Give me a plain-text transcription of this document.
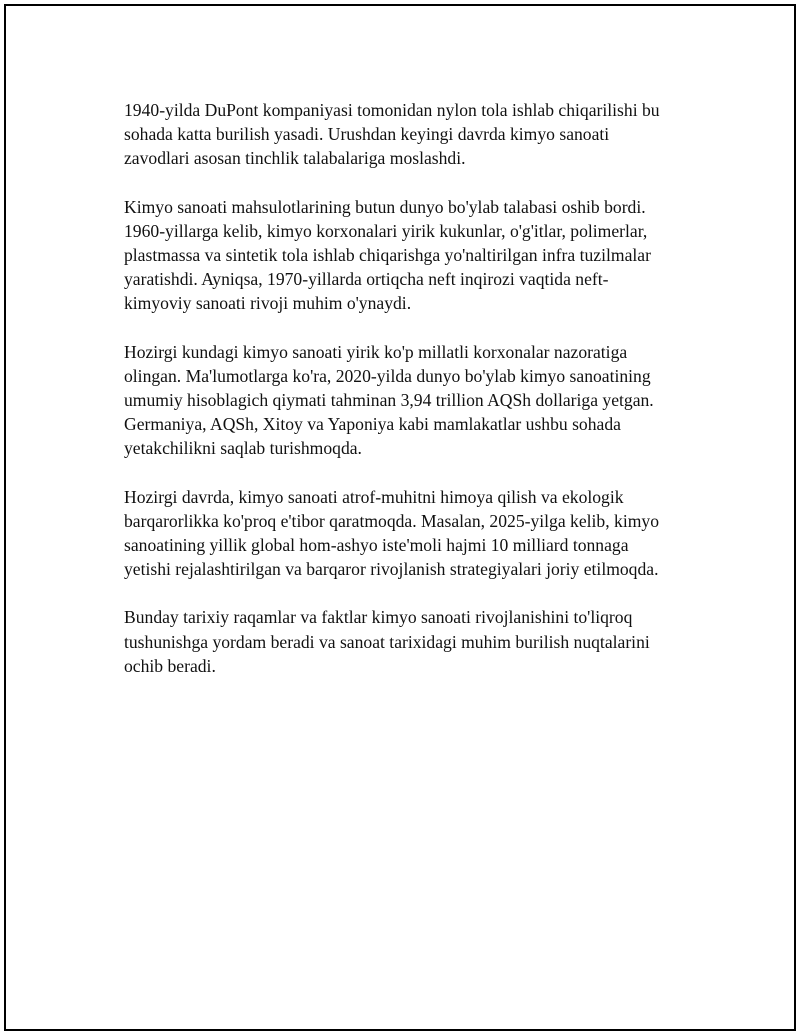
1940-yilda DuPont kompaniyasi tomonidan nylon tola ishlab chiqarilishi bu
sohada katta burilish yasadi. Urushdan keyingi davrda kimyo sanoati
zavodlari asosan tinchlik talabalariga moslashdi.

Kimyo sanoati mahsulotlarining butun dunyo bo'ylab talabasi oshib bordi.
1960-yillarga kelib, kimyo korxonalari yirik kukunlar, o'g'itlar, polimerlar,
plastmassa va sintetik tola ishlab chiqarishga yo'naltirilgan infra tuzilmalar
yaratishdi. Ayniqsa, 1970-yillarda ortiqcha neft inqirozi vaqtida neft-
kimyoviy sanoati rivoji muhim o'ynaydi.

Hozirgi kundagi kimyo sanoati yirik ko'p millatli korxonalar nazoratiga
olingan. Ma'lumotlarga ko'ra, 2020-yilda dunyo bo'ylab kimyo sanoatining
umumiy hisoblagich qiymati tahminan 3,94 trillion AQSh dollariga yetgan.
Germaniya, AQSh, Xitoy va Yaponiya kabi mamlakatlar ushbu sohada
yetakchilikni saqlab turishmoqda.

Hozirgi davrda, kimyo sanoati atrof-muhitni himoya qilish va ekologik
barqarorlikka ko'proq e'tibor qaratmoqda. Masalan, 2025-yilga kelib, kimyo
sanoatining yillik global hom-ashyo iste'moli hajmi 10 milliard tonnaga
yetishi rejalashtirilgan va barqaror rivojlanish strategiyalari joriy etilmoqda.

Bunday tarixiy raqamlar va faktlar kimyo sanoati rivojlanishini to'liqroq
tushunishga yordam beradi va sanoat tarixidagi muhim burilish nuqtalarini
ochib beradi.
